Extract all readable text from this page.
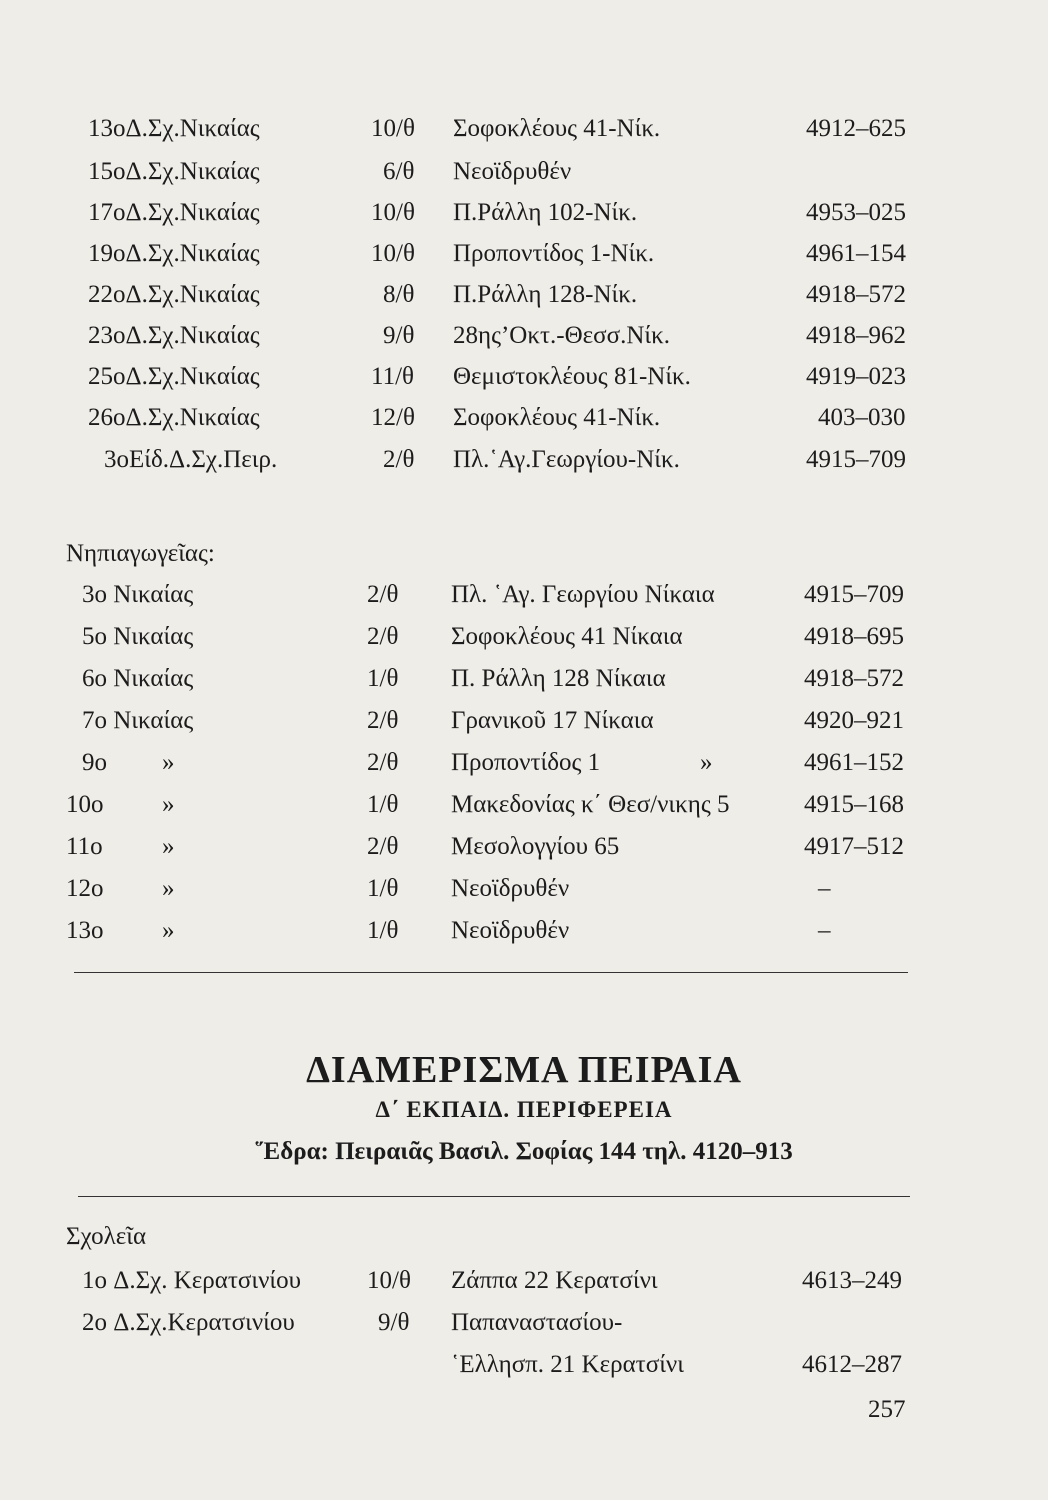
13oΔ.Σχ.Νικαίας	10/θ Σοφοκλέους 41-Νίκ.	4912–625
15oΔ.Σχ.Νικαίας	6/θ Νεοϊδρυθέν
17oΔ.Σχ.Νικαίας	10/θ Π.Ράλλη 102-Νίκ.	4953–025
19oΔ.Σχ.Νικαίας	10/θ Προποντίδος 1-Νίκ.	4961–154
22oΔ.Σχ.Νικαίας	8/θ Π.Ράλλη 128-Νίκ.	4918–572
23oΔ.Σχ.Νικαίας	9/θ 28ης’Οκτ.-Θεσσ.Νίκ.	4918–962
25oΔ.Σχ.Νικαίας	11/θ Θεμιστοκλέους 81-Νίκ.	4919–023
26oΔ.Σχ.Νικαίας	12/θ Σοφοκλέους 41-Νίκ.	403–030
3oΕίδ.Δ.Σχ.Πειρ.	2/θ Πλ.῾Αγ.Γεωργίου-Νίκ.	4915–709
Νηπιαγωγεῖας:
3o Νικαίας	2/θ Πλ. ῾Αγ. Γεωργίου Νίκαια	4915–709
5o Νικαίας	2/θ Σοφοκλέους 41 Νίκαια	4918–695
6o Νικαίας	1/θ Π. Ράλλη 128 Νίκαια	4918–572
7o Νικαίας	2/θ Γρανικοῦ 17 Νίκαια	4920–921
9o »	2/θ Προποντίδος 1	»	4961–152
10o »	1/θ Μακεδονίας κ΄ Θεσ/νικης 5	4915–168
11o »	2/θ Μεσολογγίου 65	4917–512
12o »	1/θ Νεοϊδρυθέν	–
13o »	1/θ Νεοϊδρυθέν	–
ΔΙΑΜΕΡΙΣΜΑ ΠΕΙΡΑΙΑ
Δ΄ ΕΚΠΑΙΔ. ΠΕΡΙΦΕΡΕΙΑ
῞Εδρα: Πειραιᾶς Βασιλ. Σοφίας 144 τηλ. 4120–913
Σχολεῖα
1o Δ.Σχ. Κερατσινίου	10/θ Ζάππα 22 Κερατσίνι	4613–249
2o Δ.Σχ.Κερατσινίου	9/θ Παπαναστασίου-
῾Ελλησπ. 21 Κερατσίνι	4612–287
257
